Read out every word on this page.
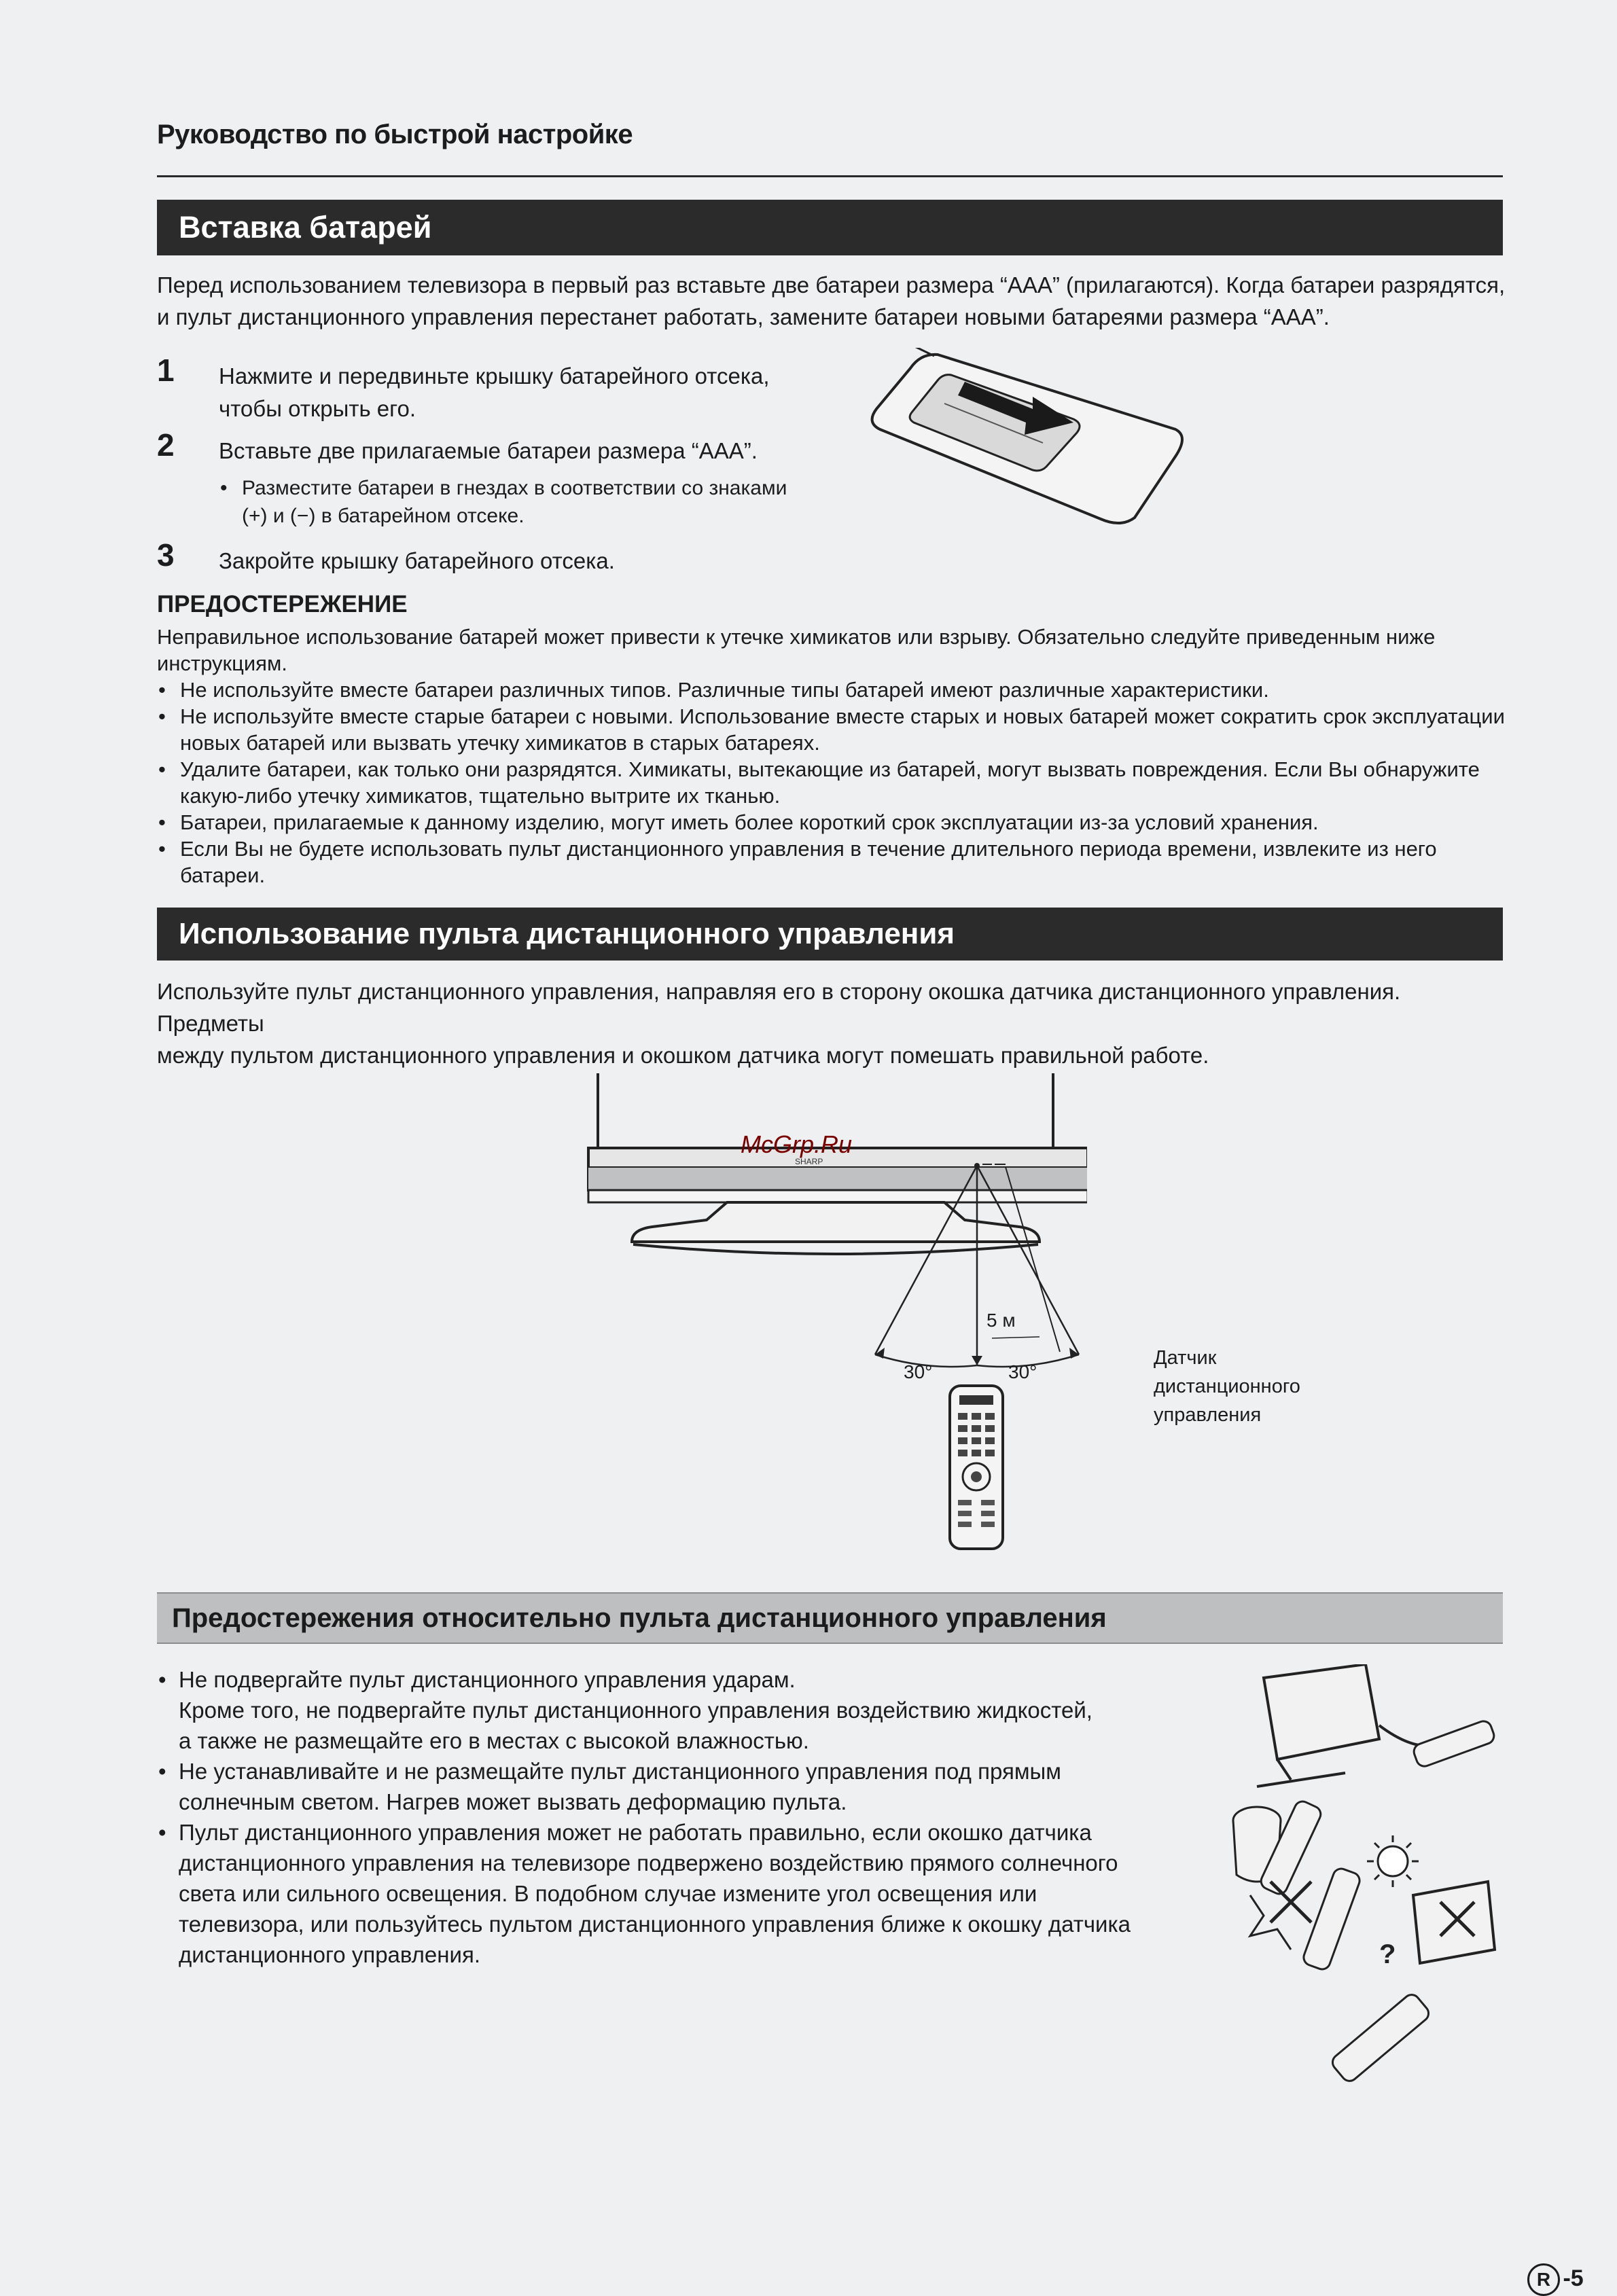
Руководство по быстрой настройке
Вставка батарей
Перед использованием телевизора в первый раз вставьте две батареи размера “AAA” (прилагаются). Когда батареи разрядятся,
и пульт дистанционного управления перестанет работать, замените батареи новыми батареями размера “AAA”.
1 Нажмите и передвиньте крышку батарейного отсека,
чтобы открыть его.
2 Вставьте две прилагаемые батареи размера “AAA”.
• Разместите батареи в гнездах в соответствии со знаками
(+) и (−) в батарейном отсеке.
3 Закройте крышку батарейного отсека.
ПРЕДОСТЕРЕЖЕНИЕ
Неправильное использование батарей может привести к утечке химикатов или взрыву. Обязательно следуйте приведенным ниже
инструкциям.
• Не используйте вместе батареи различных типов. Различные типы батарей имеют различные характеристики.
• Не используйте вместе старые батареи с новыми. Использование вместе старых и новых батарей может сократить срок эксплуатации
новых батарей или вызвать утечку химикатов в старых батареях.
• Удалите батареи, как только они разрядятся. Химикаты, вытекающие из батарей, могут вызвать повреждения. Если Вы обнаружите
какую-либо утечку химикатов, тщательно вытрите их тканью.
• Батареи, прилагаемые к данному изделию, могут иметь более короткий срок эксплуатации из-за условий хранения.
• Если Вы не будете использовать пульт дистанционного управления в течение длительного периода времени, извлеките из него батареи.
Использование пульта дистанционного управления
Используйте пульт дистанционного управления, направляя его в сторону окошка датчика дистанционного управления. Предметы
между пультом дистанционного управления и окошком датчика могут помешать правильной работе.
SHARP
5 м
30°	30°
Датчик
дистанционного
управления
McGrp.Ru
Предостережения относительно пульта дистанционного управления
• Не подвергайте пульт дистанционного управления ударам.
Кроме того, не подвергайте пульт дистанционного управления воздействию жидкостей,
а также не размещайте его в местах с высокой влажностью.
• Не устанавливайте и не размещайте пульт дистанционного управления под прямым
солнечным светом. Нагрев может вызвать деформацию пульта.
• Пульт дистанционного управления может не работать правильно, если окошко датчика
дистанционного управления на телевизоре подвержено воздействию прямого солнечного
света или сильного освещения. В подобном случае измените угол освещения или
телевизора, или пользуйтесь пультом дистанционного управления ближе к окошку датчика
дистанционного управления.	?
R -5
